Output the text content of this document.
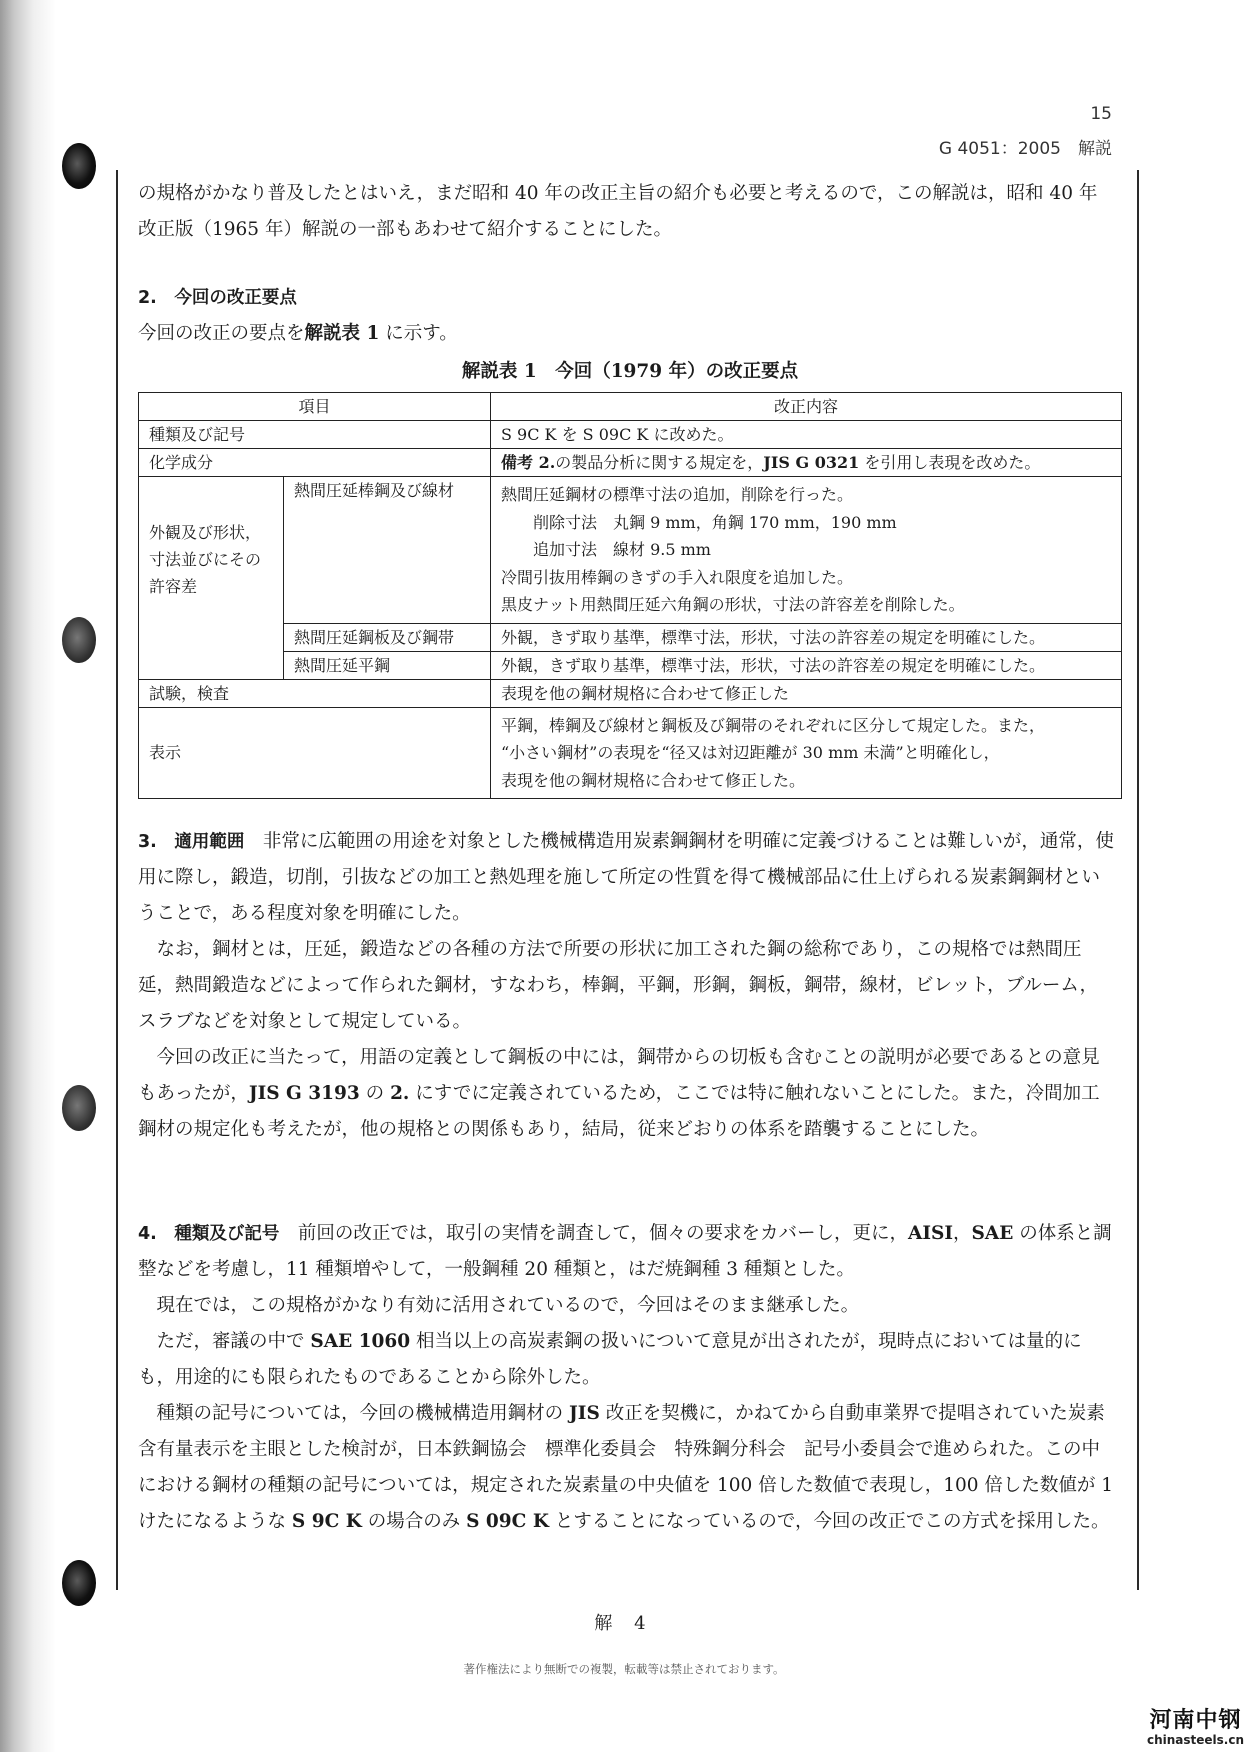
15
G 4051：2005　解説

の規格がかなり普及したとはいえ，まだ昭和 40 年の改正主旨の紹介も必要と考えるので，この解説は，昭和 40 年改正版（1965 年）解説の一部もあわせて紹介することにした。

2.　今回の改正要点

今回の改正の要点を解説表 1 に示す。

解説表 1　今回（1979 年）の改正要点
項目		改正内容
種類及び記号		S 9C K を S 09C K に改めた。
化学成分		備考 2.の製品分析に関する規定を，JIS G 0321 を引用し表現を改めた。
外観及び形状，寸法並びにその許容差	熱間圧延棒鋼及び線材	熱間圧延鋼材の標準寸法の追加，削除を行った。
削除寸法　丸鋼 9 mm，角鋼 170 mm，190 mm
追加寸法　線材 9.5 mm
冷間引抜用棒鋼のきずの手入れ限度を追加した。
黒皮ナット用熱間圧延六角鋼の形状，寸法の許容差を削除した。

	熱間圧延鋼板及び鋼帯	外観，きず取り基準，標準寸法，形状，寸法の許容差の規定を明確にした。
	熱間圧延平鋼	外観，きず取り基準，標準寸法，形状，寸法の許容差の規定を明確にした。
試験，検査		表現を他の鋼材規格に合わせて修正した
表示		平鋼，棒鋼及び線材と鋼板及び鋼帯のそれぞれに区分して規定した。また，
“小さい鋼材”の表現を“径又は対辺距離が 30 mm 未満”と明確化し，
表現を他の鋼材規格に合わせて修正した。

3.　適用範囲　 非常に広範囲の用途を対象とした機械構造用炭素鋼鋼材を明確に定義づけることは難しいが，通常，使用に際し，鍛造，切削，引抜などの加工と熱処理を施して所定の性質を得て機械部品に仕上げられる炭素鋼鋼材ということで，ある程度対象を明確にした。

なお，鋼材とは，圧延，鍛造などの各種の方法で所要の形状に加工された鋼の総称であり，この規格では熱間圧延，熱間鍛造などによって作られた鋼材，すなわち，棒鋼，平鋼，形鋼，鋼板，鋼帯，線材，ビレット，ブルーム，スラブなどを対象として規定している。

今回の改正に当たって，用語の定義として鋼板の中には，鋼帯からの切板も含むことの説明が必要であるとの意見もあったが，JIS G 3193 の 2. にすでに定義されているため，ここでは特に触れないことにした。また，冷間加工鋼材の規定化も考えたが，他の規格との関係もあり，結局，従来どおりの体系を踏襲することにした。

4.　種類及び記号　 前回の改正では，取引の実情を調査して，個々の要求をカバーし，更に，AISI，SAE の体系と調整などを考慮し，11 種類増やして，一般鋼種 20 種類と，はだ焼鋼種 3 種類とした。

現在では，この規格がかなり有効に活用されているので，今回はそのまま継承した。

ただ，審議の中で SAE 1060 相当以上の高炭素鋼の扱いについて意見が出されたが，現時点においては量的にも，用途的にも限られたものであることから除外した。

種類の記号については，今回の機械構造用鋼材の JIS 改正を契機に，かねてから自動車業界で提唱されていた炭素含有量表示を主眼とした検討が，日本鉄鋼協会　標準化委員会　特殊鋼分科会　記号小委員会で進められた。この中における鋼材の種類の記号については，規定された炭素量の中央値を 100 倍した数値で表現し，100 倍した数値が 1 けたになるような S 9C K の場合のみ S 09C K とすることになっているので，今回の改正でこの方式を採用した。

解 4
著作権法により無断での複製，転載等は禁止されております。
河南中钢
chinasteels.cn
